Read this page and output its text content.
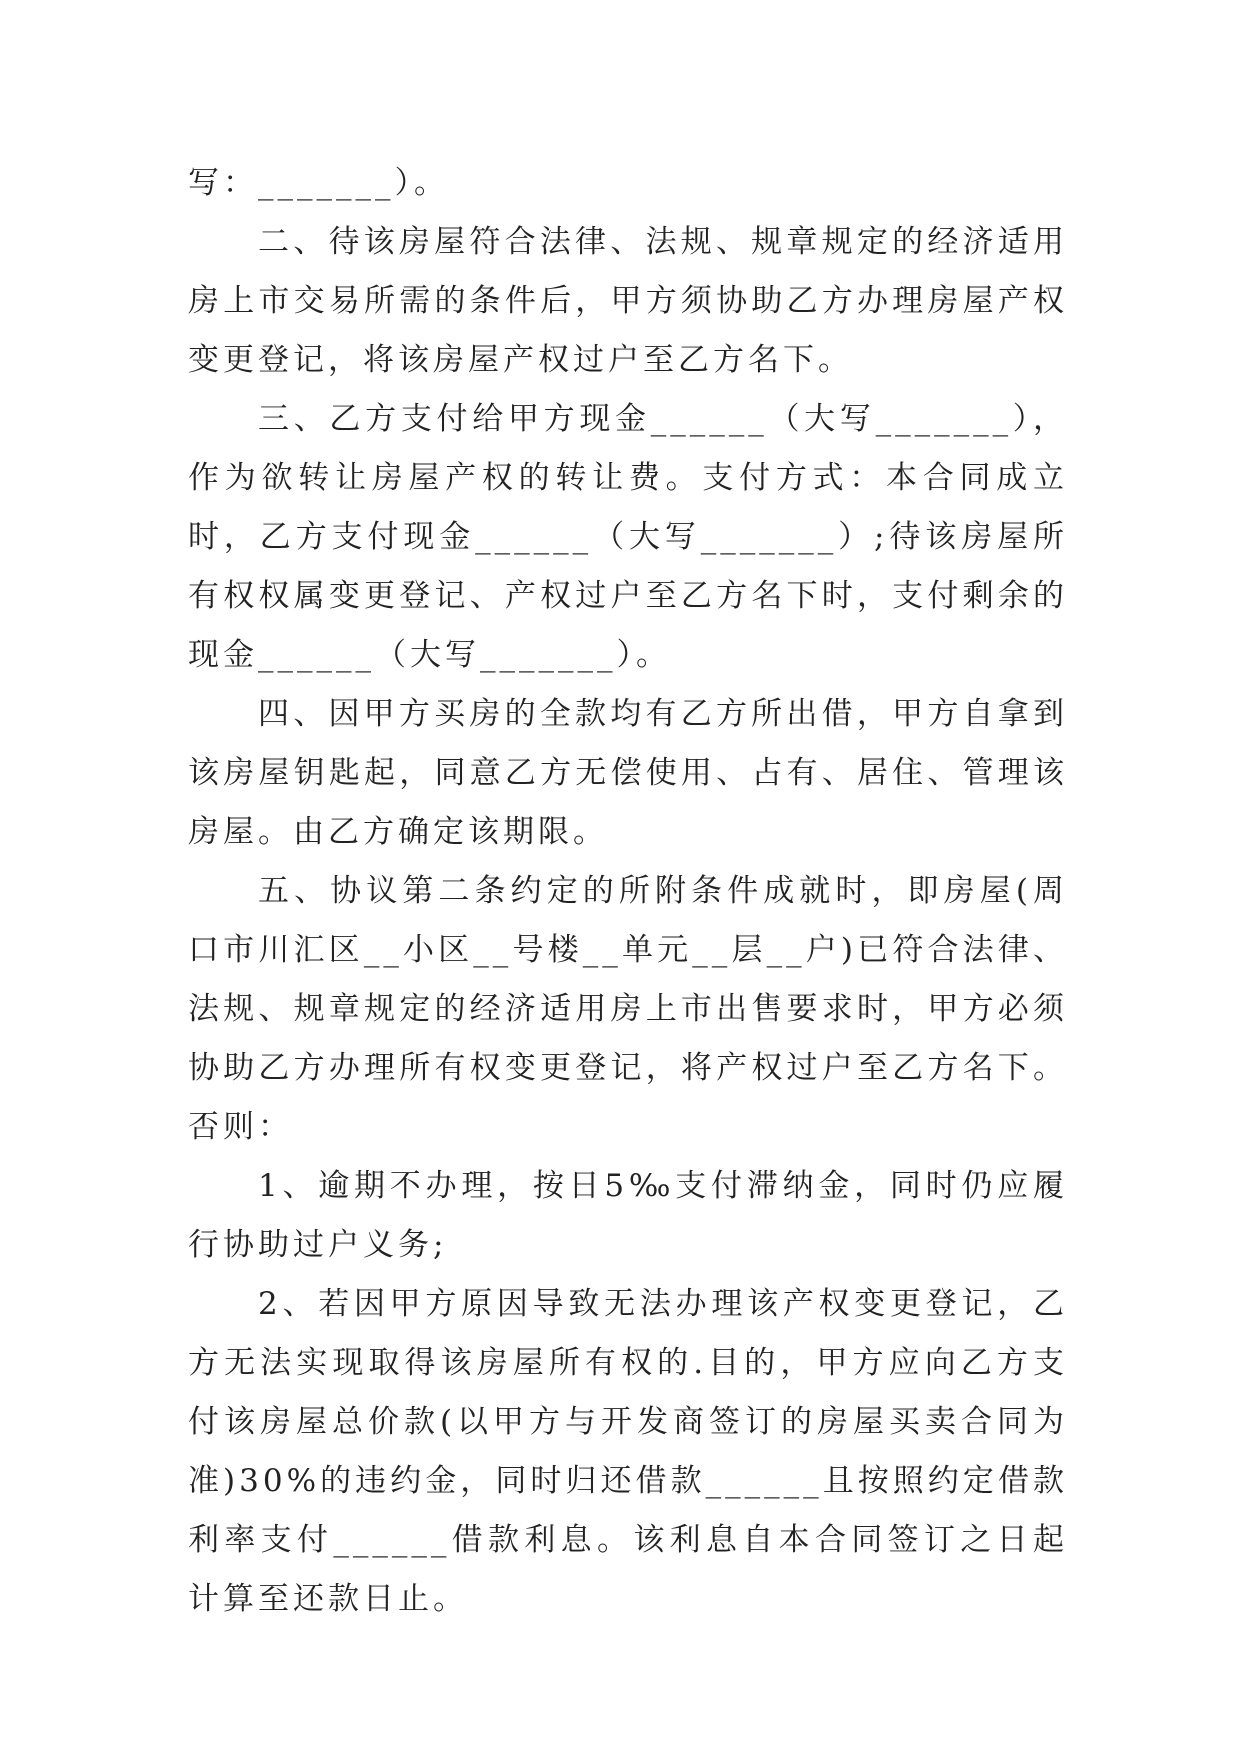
写：_______）。

二、待该房屋符合法律、法规、规章规定的经济适用房上市交易所需的条件后，甲方须协助乙方办理房屋产权变更登记，将该房屋产权过户至乙方名下。

三、乙方支付给甲方现金______（大写_______），作为欲转让房屋产权的转让费。支付方式：本合同成立时，乙方支付现金______（大写_______）;待该房屋所有权权属变更登记、产权过户至乙方名下时，支付剩余的现金______（大写_______）。

四、因甲方买房的全款均有乙方所出借，甲方自拿到该房屋钥匙起，同意乙方无偿使用、占有、居住、管理该房屋。由乙方确定该期限。

五、协议第二条约定的所附条件成就时，即房屋(周口市川汇区__小区__号楼__单元__层__户)已符合法律、法规、规章规定的经济适用房上市出售要求时，甲方必须协助乙方办理所有权变更登记，将产权过户至乙方名下。否则：

1、逾期不办理，按日5‰支付滞纳金，同时仍应履行协助过户义务;

2、若因甲方原因导致无法办理该产权变更登记，乙方无法实现取得该房屋所有权的.目的，甲方应向乙方支付该房屋总价款(以甲方与开发商签订的房屋买卖合同为准)30%的违约金，同时归还借款______且按照约定借款利率支付______借款利息。该利息自本合同签订之日起计算至还款日止。
